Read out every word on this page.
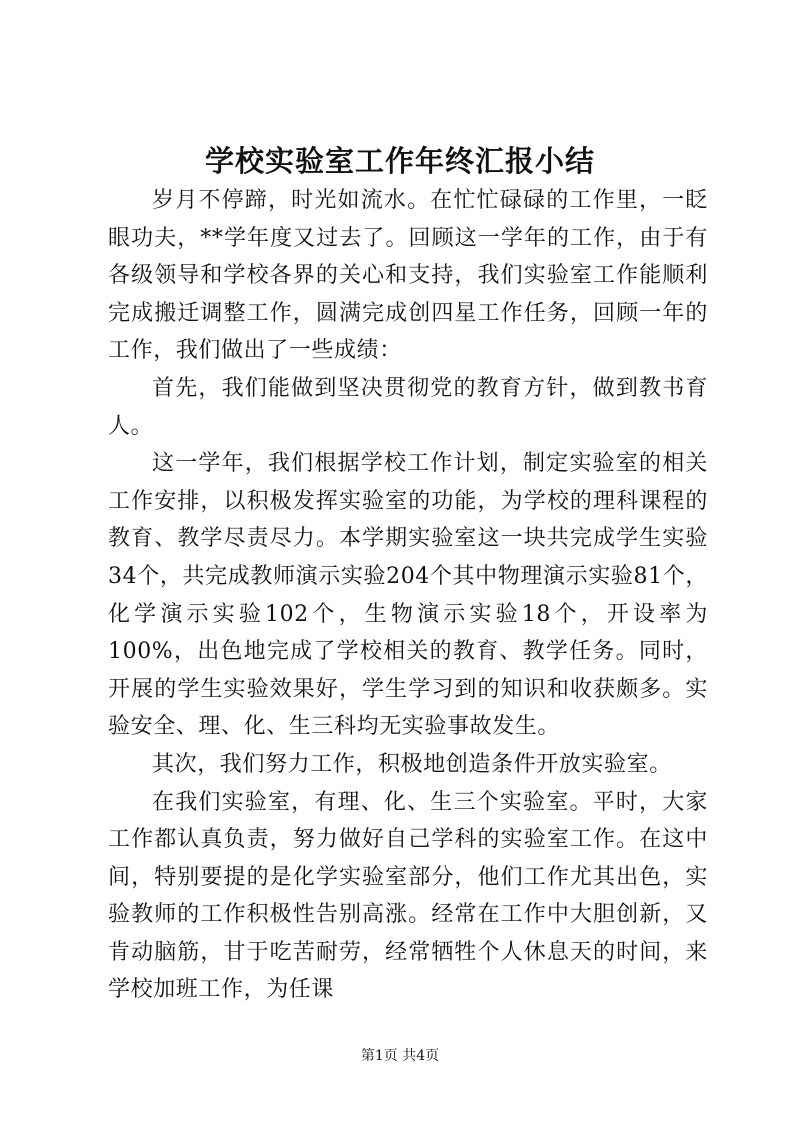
学校实验室工作年终汇报小结

岁月不停蹄，时光如流水。在忙忙碌碌的工作里，一眨眼功夫，**学年度又过去了。回顾这一学年的工作，由于有各级领导和学校各界的关心和支持，我们实验室工作能顺利完成搬迁调整工作，圆满完成创四星工作任务，回顾一年的工作，我们做出了一些成绩：

首先，我们能做到坚决贯彻党的教育方针，做到教书育人。

这一学年，我们根据学校工作计划，制定实验室的相关工作安排，以积极发挥实验室的功能，为学校的理科课程的教育、教学尽责尽力。本学期实验室这一块共完成学生实验34个，共完成教师演示实验204个其中物理演示实验81个，化学演示实验102个，生物演示实验18个，开设率为100%，出色地完成了学校相关的教育、教学任务。同时，开展的学生实验效果好，学生学习到的知识和收获颇多。实验安全、理、化、生三科均无实验事故发生。

其次，我们努力工作，积极地创造条件开放实验室。

在我们实验室，有理、化、生三个实验室。平时，大家工作都认真负责，努力做好自己学科的实验室工作。在这中间，特别要提的是化学实验室部分，他们工作尤其出色，实验教师的工作积极性告别高涨。经常在工作中大胆创新，又肯动脑筋，甘于吃苦耐劳，经常牺牲个人休息天的时间，来学校加班工作，为任课

第1页 共4页
